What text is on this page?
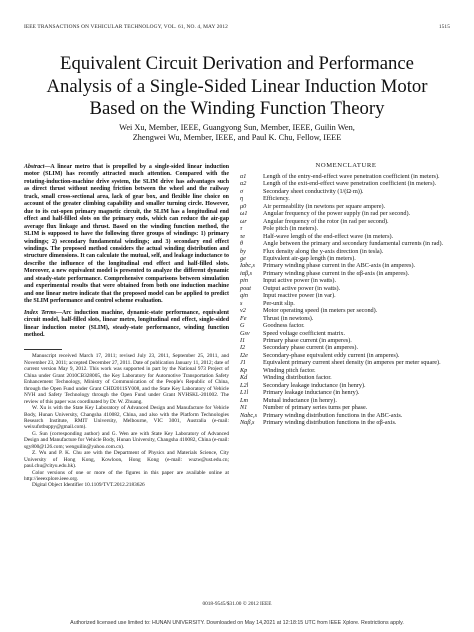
IEEE TRANSACTIONS ON VEHICULAR TECHNOLOGY, VOL. 61, NO. 4, MAY 2012	1515
Equivalent Circuit Derivation and Performance Analysis of a Single-Sided Linear Induction Motor Based on the Winding Function Theory
Wei Xu, Member, IEEE, Guangyong Sun, Member, IEEE, Guilin Wen,
Zhengwei Wu, Member, IEEE, and Paul K. Chu, Fellow, IEEE

Abstract—A linear metro that is propelled by a single-sided linear induction motor (SLIM) has recently attracted much attention. Compared with the rotating-induction-machine drive system, the SLIM drive has advantages such as direct thrust without needing friction between the wheel and the railway track, small cross-sectional area, lack of gear box, and flexible line choice on account of the greater climbing capability and smaller turning circle. However, due to its cut-open primary magnetic circuit, the SLIM has a longitudinal end effect and half-filled slots on the primary ends, which can reduce the air-gap average flux linkage and thrust. Based on the winding function method, the SLIM is supposed to have the following three groups of windings: 1) primary windings; 2) secondary fundamental windings; and 3) secondary end effect windings. The proposed method considers the actual winding distribution and structure dimensions. It can calculate the mutual, self, and leakage inductance to describe the influence of the longitudinal end effect and half-filled slots. Moreover, a new equivalent model is presented to analyze the different dynamic and steady-state performance. Comprehensive comparisons between simulation and experimental results that were obtained from both one induction machine and one linear metro indicate that the proposed model can be applied to predict the SLIM performance and control scheme evaluation.

Index Terms—Arc induction machine, dynamic-state performance, equivalent circuit model, half-filled slots, linear metro, longitudinal end effect, single-sided linear induction motor (SLIM), steady-state performance, winding function method.

Manuscript received March 17, 2011; revised July 23, 2011, September 25, 2011, and November 23, 2011; accepted December 27, 2011. Date of publication January 11, 2012; date of current version May 9, 2012. This work was supported in part by the National 973 Project of China under Grant 2010CB328005, the Key Laboratory for Automotive Transportation Safety Enhancement Technology, Ministry of Communication of the People's Republic of China, through the Open Fund under Grant CHD2011SY008, and the State Key Laboratory of Vehicle NVH and Safety Technology through the Open Fund under Grant NVHSKL-201002. The review of this paper was coordinated by Dr. W. Zhuang.

W. Xu is with the State Key Laboratory of Advanced Design and Manufacture for Vehicle Body, Hunan University, Changsha 410082, China, and also with the Platform Technologies Research Institute, RMIT University, Melbourne, VIC 3001, Australia (e-mail: weixufotbuppy@gmail.com).

G. Sun (corresponding author) and G. Wen are with State Key Laboratory of Advanced Design and Manufacture for Vehicle Body, Hunan University, Changsha 410082, China (e-mail: sgy800@126.com; wenguilin@yahoo.com.cn).

Z. Wu and P. K. Chu are with the Department of Physics and Materials Science, City University of Hong Kong, Kowloon, Hong Kong (e-mail: wuzw@ust.edu.cn; paul.chu@cityu.edu.hk).

Color versions of one or more of the figures in this paper are available online at http://ieeexplore.ieee.org.

Digital Object Identifier 10.1109/TVT.2012.2183626

NOMENCLATURE
α1	Length of the entry-end-effect wave penetration coefficient (in meters).
α2	Length of the exit-end-effect wave penetration coefficient (in meters).
σ	Secondary sheet conductivity (1/(Ω·m)).
η	Efficiency.
μ0	Air permeability (in newtons per square ampere).
ω1	Angular frequency of the power supply (in rad per second).
ωr	Angular frequency of the rotor (in rad per second).
τ	Pole pitch (in meters).
τe	Half-wave length of the end-effect wave (in meters).
θ	Angle between the primary and secondary fundamental currents (in rad).
by	Flux density along the y-axis direction (in tesla).
ge	Equivalent air-gap length (in meters).
Iabc,s	Primary winding phase current in the ABC-axis (in amperes).
iαβ,s	Primary winding phase current in the αβ-axis (in amperes).
pin	Input active power (in watts).
pout	Output active power (in watts).
qin	Input reactive power (in var).
s	Per-unit slip.
v2	Motor operating speed (in meters per second).
Fe	Thrust (in newtons).
G	Goodness factor.
Gsv	Speed voltage coefficient matrix.
I1	Primary phase current (in amperes).
I2	Secondary phase current (in amperes).
I2e	Secondary-phase equivalent eddy current (in amperes).
J1	Equivalent primary current sheet density (in amperes per meter square).
Kp	Winding pitch factor.
Kd	Winding distribution factor.
L2l	Secondary leakage inductance (in henry).
L1l	Primary leakage inductance (in henry).
Lm	Mutual inductance (in henry).
N1	Number of primary series turns per phase.
Nabc,s Primary winding distribution functions in the ABC-axis.
Nαβ,s	Primary winding distribution functions in the αβ-axis.
0018-9545/$31.00 © 2012 IEEE
Authorized licensed use limited to: HUNAN UNIVERSITY. Downloaded on May 14,2021 at 12:18:15 UTC from IEEE Xplore. Restrictions apply.
